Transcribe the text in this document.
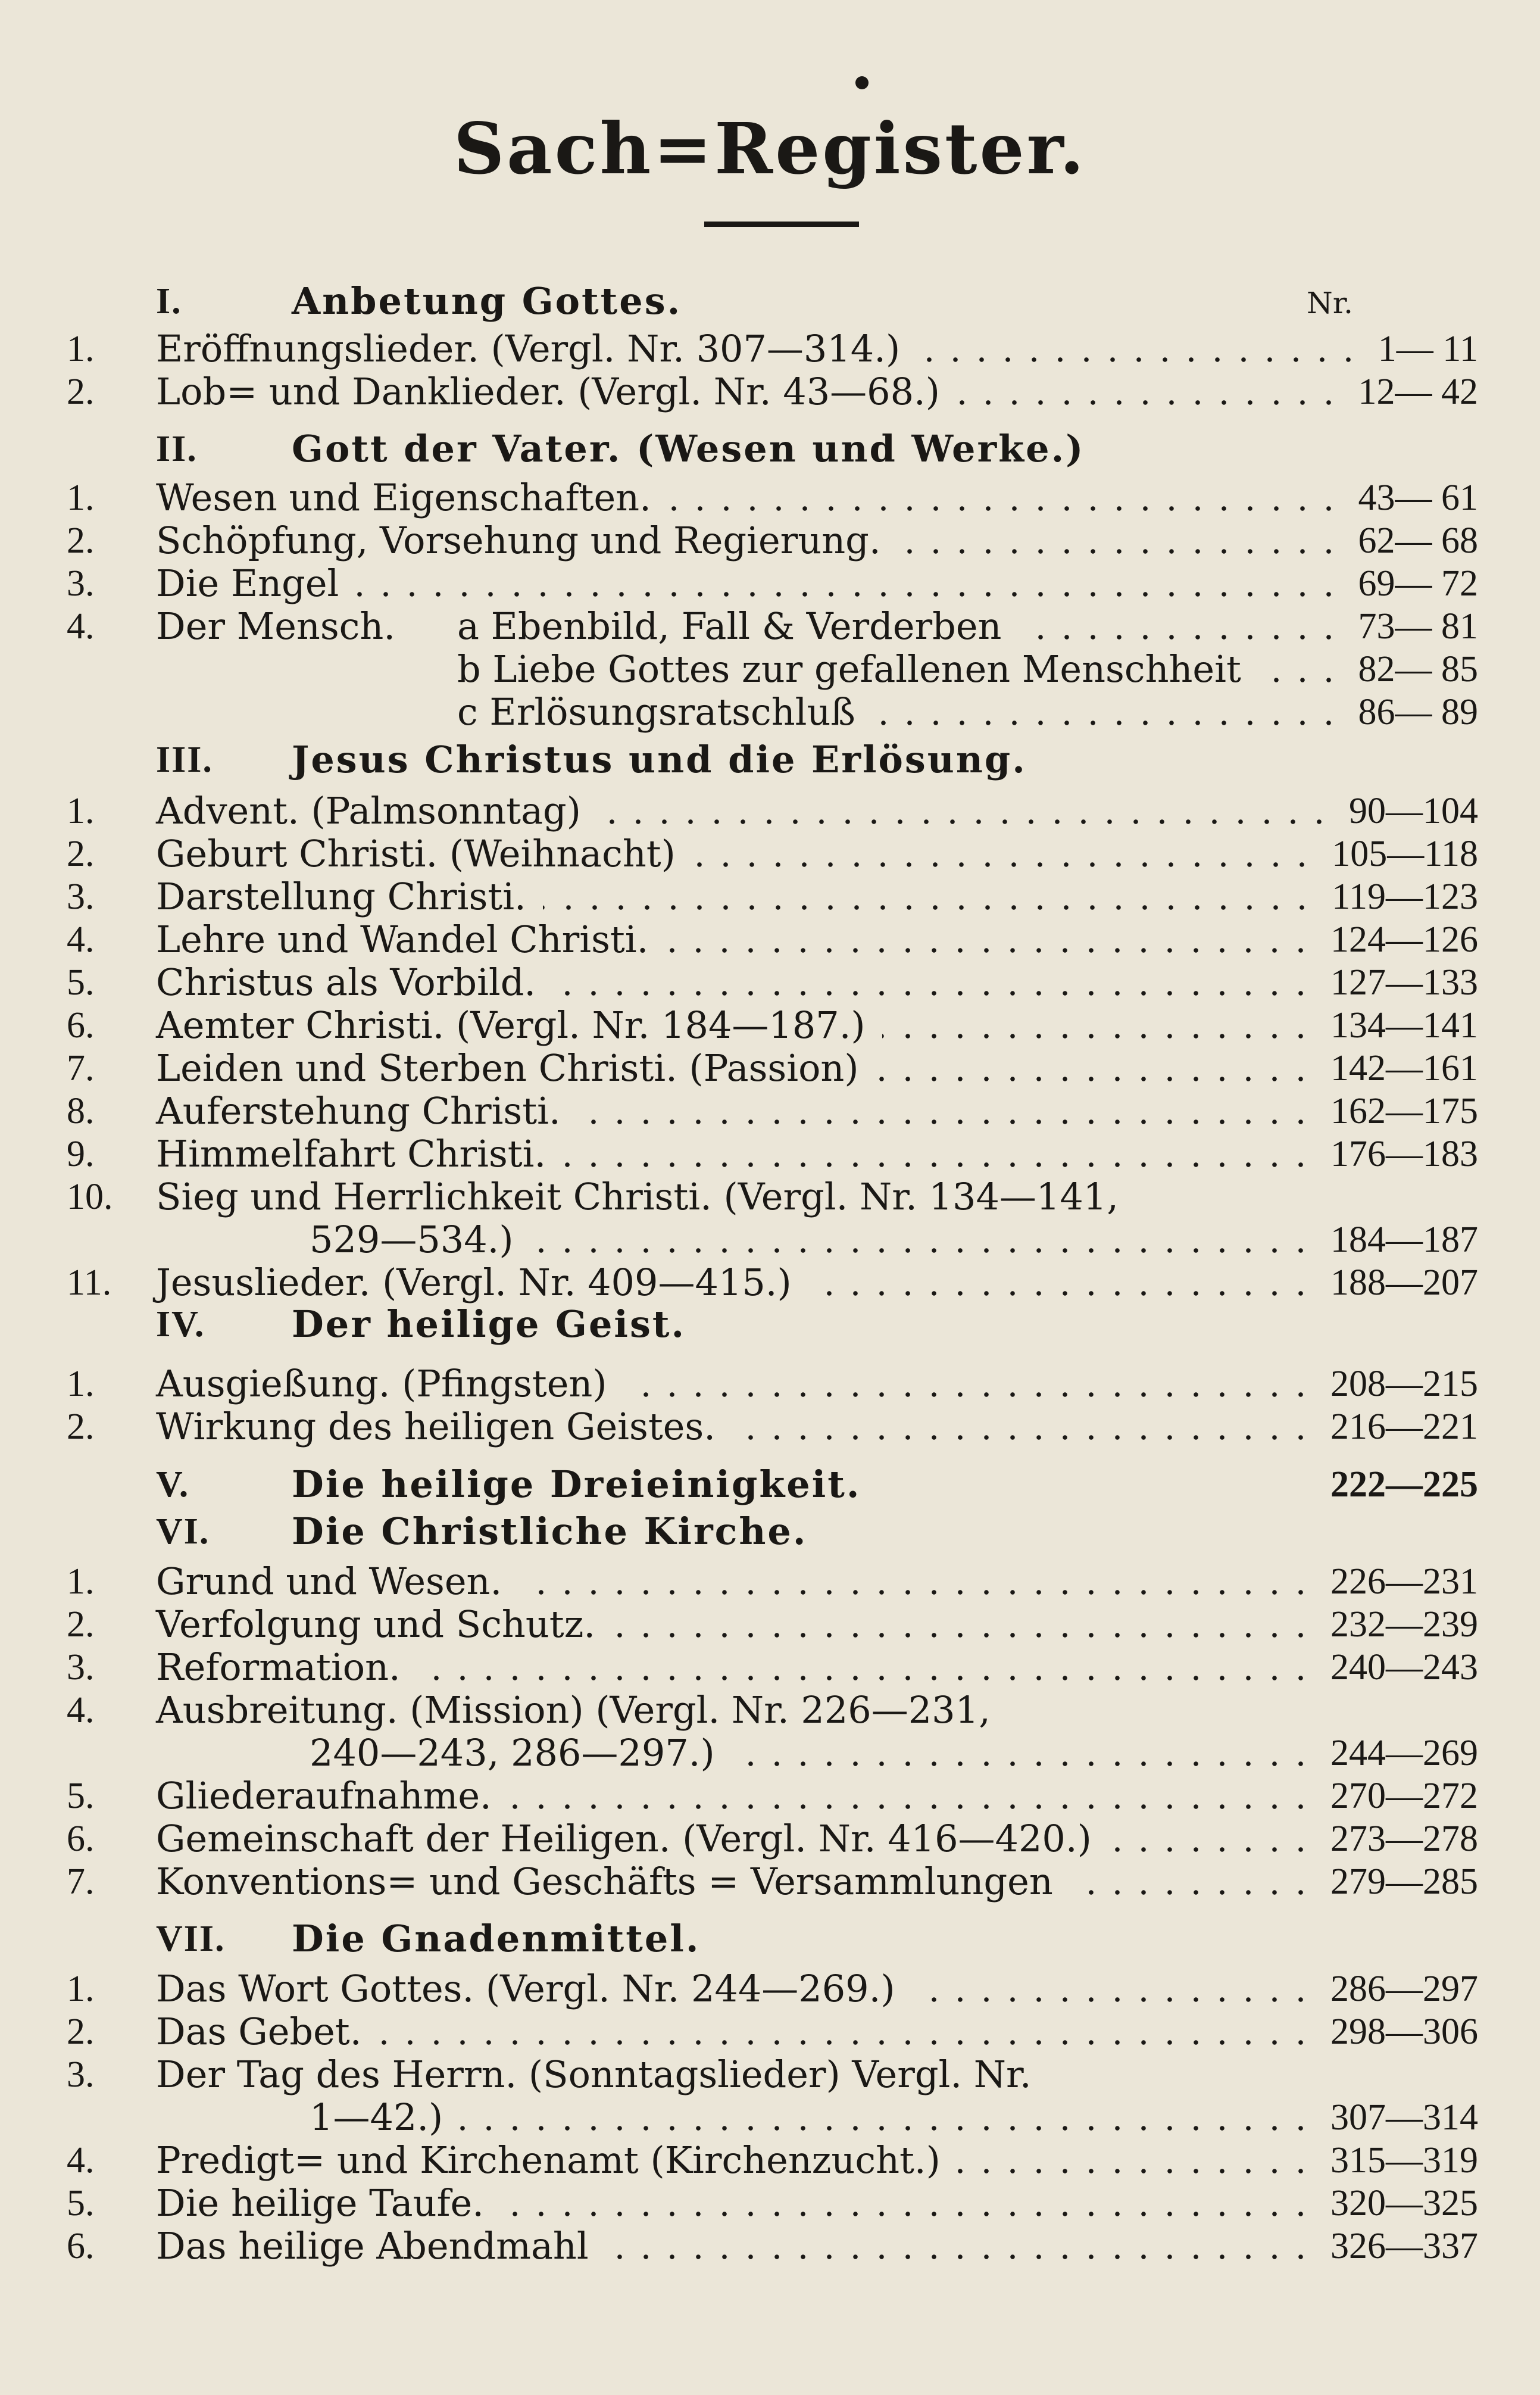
Sach=Register.
Nr.
I.	Anbetung Gottes.
1.	Eröffnungslieder. (Vergl. Nr. 307—314.)	1— 11
2.	Lob= und Danklieder. (Vergl. Nr. 43—68.)	12— 42
II.	Gott der Vater. (Wesen und Werke.)
1.	Wesen und Eigenschaften.	43— 61
2.	Schöpfung, Vorsehung und Regierung.	62— 68
3.	Die Engel	69— 72
4.	Der Mensch. a Ebenbild, Fall & Verderben	73— 81
b Liebe Gottes zur gefallenen Menschheit	82— 85
c Erlösungsratschluß	86— 89
III. Jesus Christus und die Erlösung.
1.	Advent. (Palmsonntag)	90—104
2.	Geburt Christi. (Weihnacht)	105—118
3.	Darstellung Christi.	119—123
4.	Lehre und Wandel Christi.	124—126
5.	Christus als Vorbild.	127—133
6.	Aemter Christi. (Vergl. Nr. 184—187.)	134—141
7.	Leiden und Sterben Christi. (Passion)	142—161
8.	Auferstehung Christi.	162—175
9.	Himmelfahrt Christi.	176—183
10.	Sieg und Herrlichkeit Christi. (Vergl. Nr. 134—141,
529—534.)	184—187
11.	Jesuslieder. (Vergl. Nr. 409—415.)	188—207
IV. Der heilige Geist.
1.	Ausgießung. (Pfingsten)	208—215
2.	Wirkung des heiligen Geistes.	216—221
V.	Die heilige Dreieinigkeit.	222—225
VI. Die Christliche Kirche.
1.	Grund und Wesen.	226—231
2.	Verfolgung und Schutz.	232—239
3.	Reformation.	240—243
4.	Ausbreitung. (Mission) (Vergl. Nr. 226—231,
240—243, 286—297.)	244—269
5.	Gliederaufnahme.	270—272
6.	Gemeinschaft der Heiligen. (Vergl. Nr. 416—420.)	273—278
7.	Konventions= und Geschäfts = Versammlungen	279—285
VII. Die Gnadenmittel.
1.	Das Wort Gottes. (Vergl. Nr. 244—269.)	286—297
2.	Das Gebet.	298—306
3.	Der Tag des Herrn. (Sonntagslieder) Vergl. Nr.
1—42.)	307—314
4.	Predigt= und Kirchenamt (Kirchenzucht.)	315—319
5.	Die heilige Taufe.	320—325
6.	Das heilige Abendmahl	326—337
